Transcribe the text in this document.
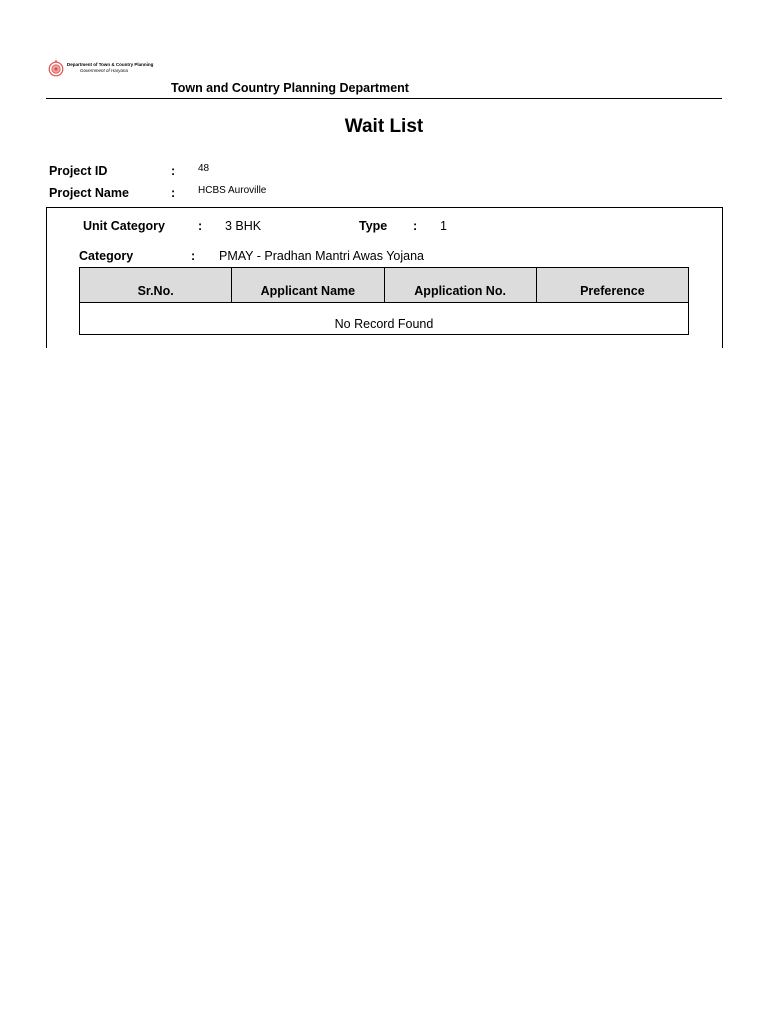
Department of Town & Country Planning
Government of Haryana
Town and Country Planning Department
Wait List
Project ID	: 48
Project Name	: HCBS Auroville
Unit Category	: 3 BHK	Type : 1
Category	: PMAY - Pradhan Mantri Awas Yojana
Sr.No.	Applicant Name	Application No.	Preference
No Record Found
